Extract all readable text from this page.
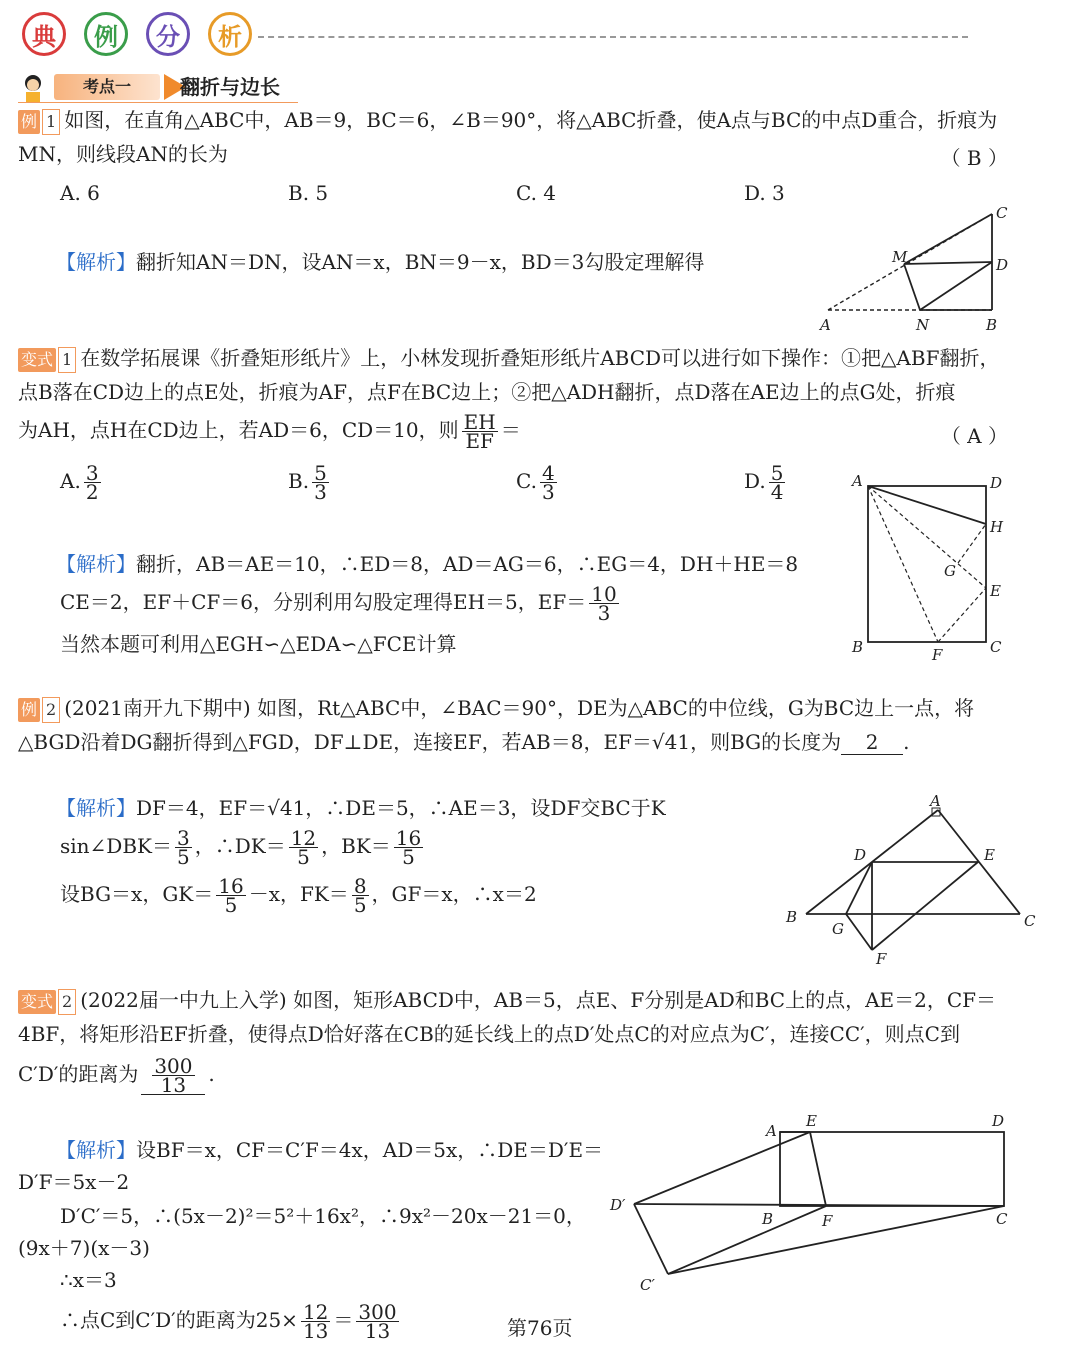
典	例	分	析
考点一	翻折与边长
例 1 如图，在直角△ABC中，AB＝9，BC＝6，∠B＝90°，将△ABC折叠，使A点与BC的中点D重合，折痕为
MN，则线段AN的长为	（ B ）
A. 6	B. 5	C. 4	D. 3
【解析】翻折知AN＝DN，设AN＝x，BN＝9－x，BD＝3勾股定理解得
C
M	D
A	N	B
变式 1 在数学拓展课《折叠矩形纸片》上，小林发现折叠矩形纸片ABCD可以进行如下操作：①把△ABF翻折，
点B落在CD边上的点E处，折痕为AF，点F在BC边上；②把△ADH翻折，点D落在AE边上的点G处，折痕
为AH，点H在CD边上，若AD＝6，CD＝10，则 $\frac{EH}{EF}$ ＝	（ A ）
A. $\frac{3}{2}$	B. $\frac{5}{3}$	C. $\frac{4}{3}$	D. $\frac{5}{4}$
【解析】翻折，AB＝AE＝10，∴ED＝8，AD＝AG＝6，∴EG＝4，DH＋HE＝8
CE＝2，EF＋CF＝6，分别利用勾股定理得EH＝5，$EF= \frac{10}{3}$
当然本题可利用△EGH∽△EDA∽△FCE计算
A	D
H
G
E
B	F	C
例 2 (2021南开九下期中) 如图，Rt△ABC中，∠BAC＝90°，DE为△ABC的中位线，G为BC边上一点，将
△BGD沿着DG翻折得到△FGD，DF⊥DE，连接EF，若AB＝8，EF＝√41，则BG的长度为 2 .
【解析】DF＝4，EF＝√41，∴DE＝5，∴AE＝3，设DF交BC于K
sin∠DBK＝ $\frac{3}{5}$ ，∴DK＝ $\frac{12}{5}$ ，$BK= \frac{16}{5}$
设BG＝x，$GK= \frac{16}{5} -x$，$FK= \frac{8}{5}$ ，GF＝x，∴x＝2
A
D	E
B
G	C
F
变式 2 (2022届一中九上入学) 如图，矩形ABCD中，AB＝5，点E、F分别是AD和BC上的点，AE＝2，CF＝
4BF，将矩形沿EF折叠，使得点D恰好落在CB的延长线上的点D′处点C的对应点为C′，连接CC′，则点C到
C′D′的距离为 $\frac{300}{13}$ .
【解析】设BF＝x，CF＝C′F＝4x，AD＝5x，∴DE＝D′E＝
D′F＝5x－2
D′C′＝5，∴(5x－2)²＝5²＋16x²，∴9x²－20x－21＝0，
(9x＋7)(x－3)
∴x＝3
∴点C到C′D′的距离为$25\times \frac{12}{13} = \frac{300}{13}$
A
E	D
D′
B	F	C
C′
第76页
